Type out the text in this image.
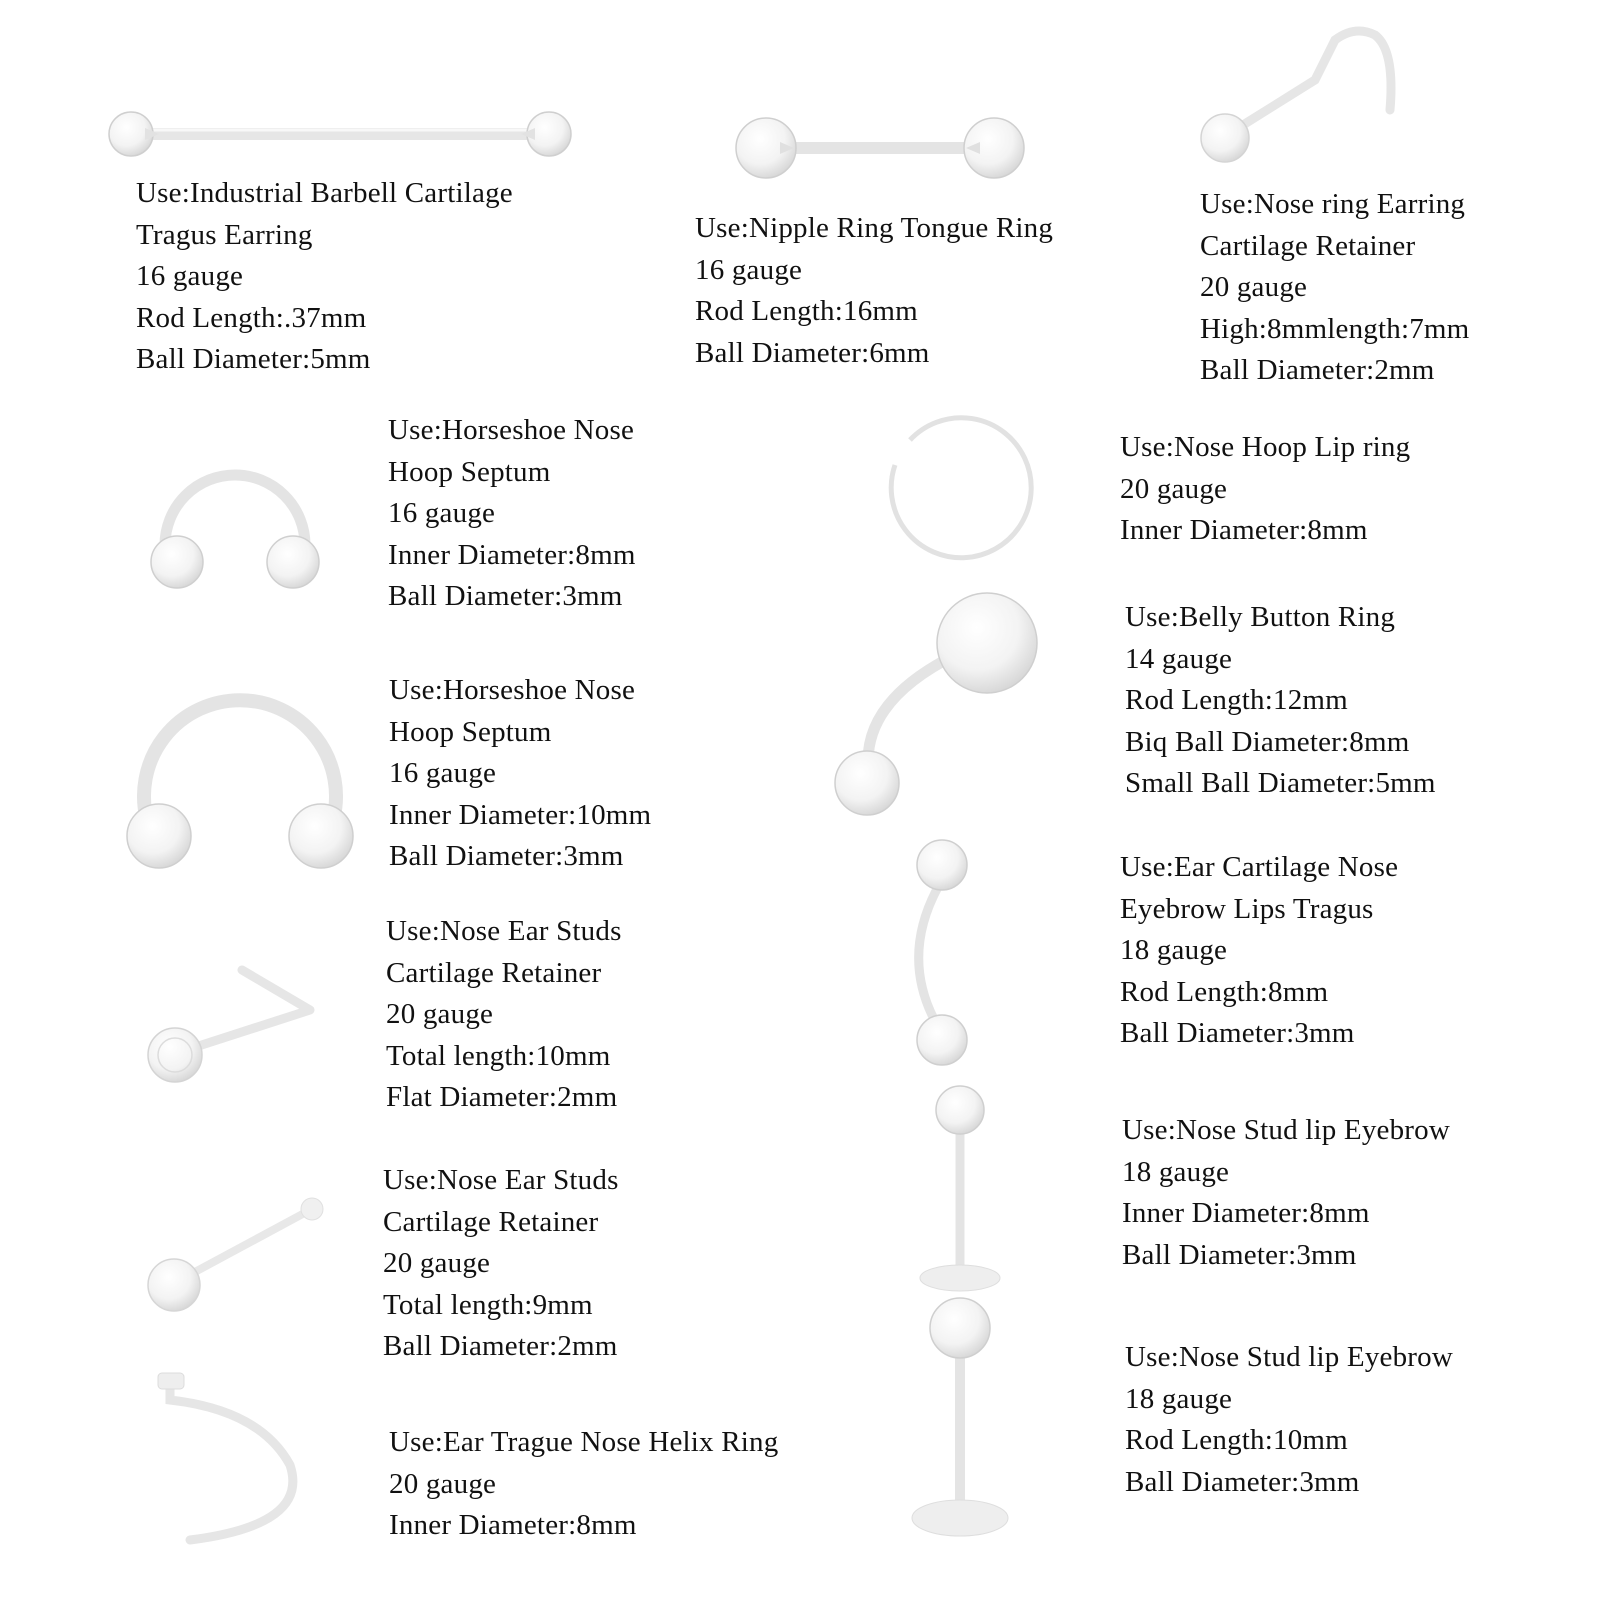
Use:Industrial Barbell Cartilage
Tragus Earring
16 gauge
Rod Length:.37mm
Ball Diameter:5mm
Use:Nipple Ring Tongue Ring
16 gauge
Rod Length:16mm
Ball Diameter:6mm
Use:Nose ring Earring
Cartilage Retainer
20 gauge
High:8mmlength:7mm
Ball Diameter:2mm
Use:Horseshoe Nose
Hoop Septum
16 gauge
Inner Diameter:8mm
Ball Diameter:3mm
Use:Nose Hoop Lip ring
20 gauge
Inner Diameter:8mm
Use:Horseshoe Nose
Hoop Septum
16 gauge
Inner Diameter:10mm
Ball Diameter:3mm
Use:Belly Button Ring
14 gauge
Rod Length:12mm
Biq Ball Diameter:8mm
Small Ball Diameter:5mm
Use:Nose Ear Studs
Cartilage Retainer
20 gauge
Total length:10mm
Flat Diameter:2mm
Use:Ear Cartilage Nose
Eyebrow Lips Tragus
18 gauge
Rod Length:8mm
Ball Diameter:3mm
Use:Nose Ear Studs
Cartilage Retainer
20 gauge
Total length:9mm
Ball Diameter:2mm
Use:Nose Stud lip Eyebrow
18 gauge
Inner Diameter:8mm
Ball Diameter:3mm
Use:Ear Trague Nose Helix Ring
20 gauge
Inner Diameter:8mm
Use:Nose Stud lip Eyebrow
18 gauge
Rod Length:10mm
Ball Diameter:3mm
